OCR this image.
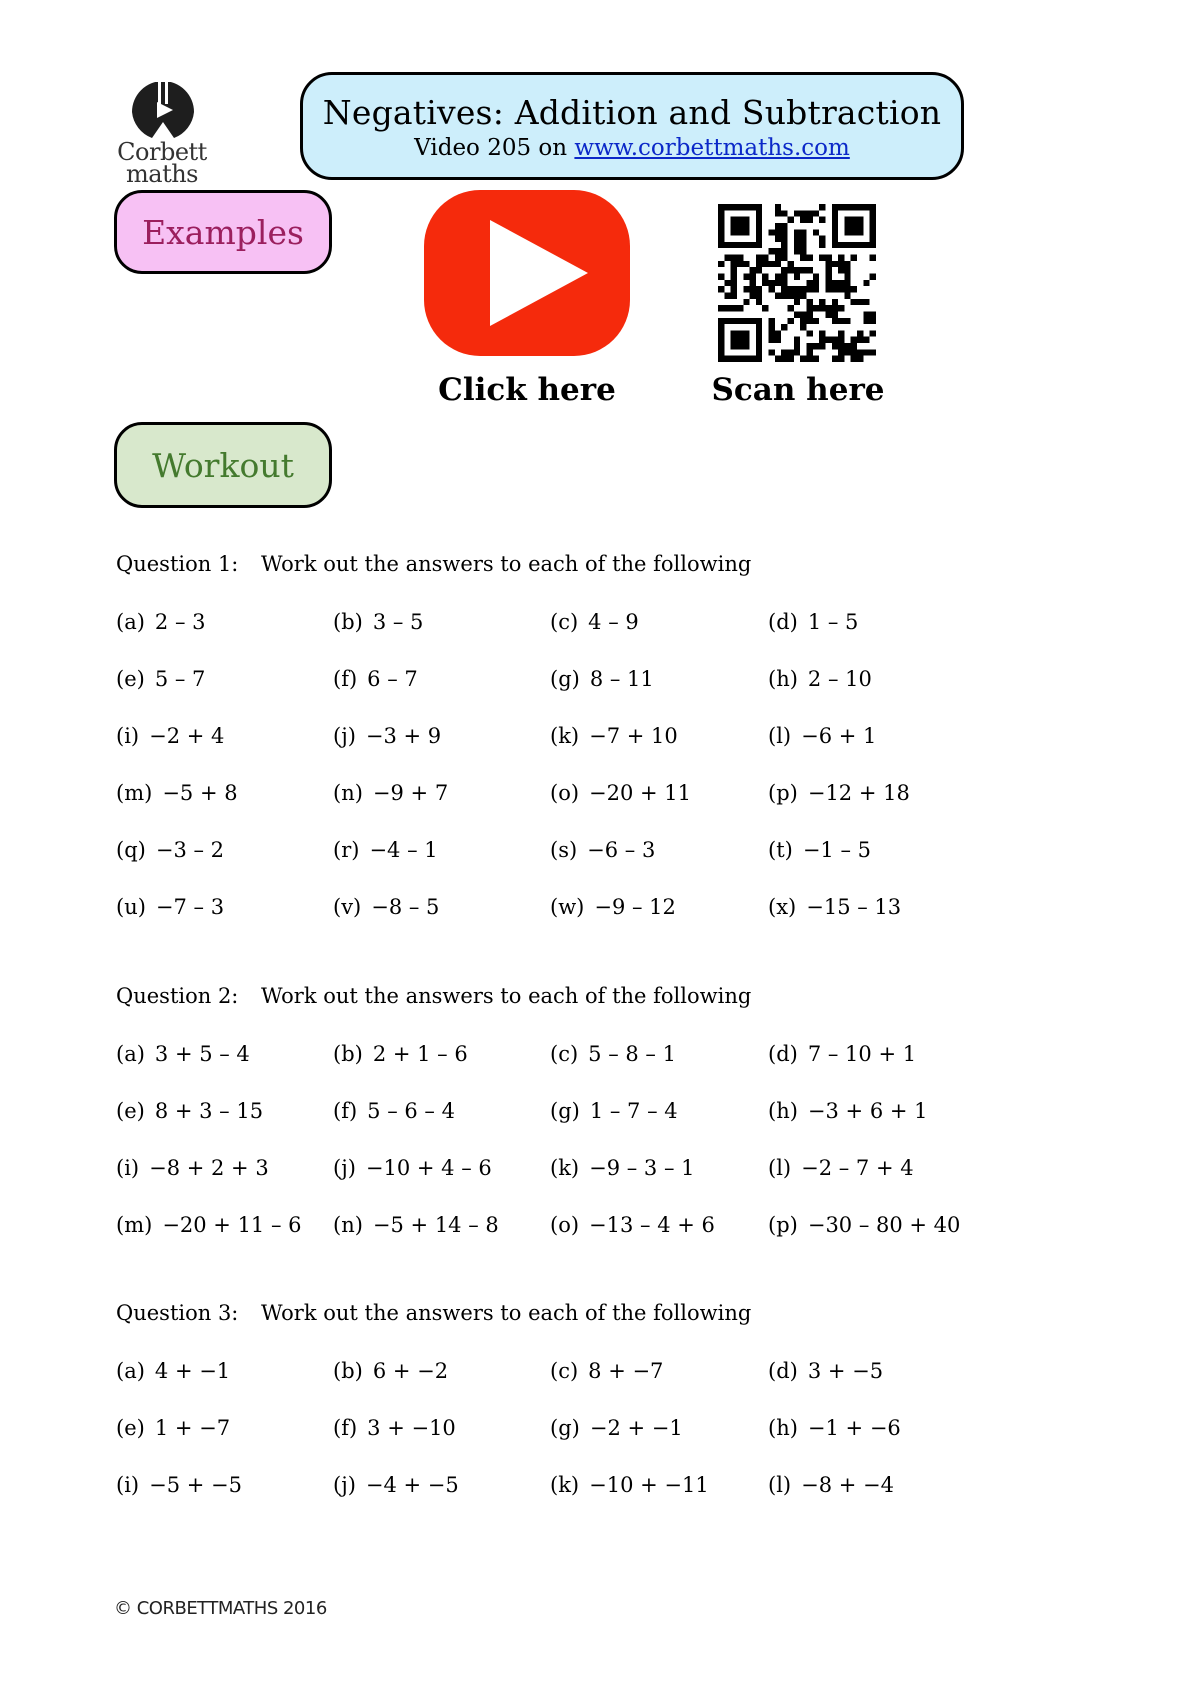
Corbett
maths
Negatives: Addition and Subtraction
Video 205 on www.corbettmaths.com
Examples
Workout
Click here	Scan here
Question 1: Work out the answers to each of the following
(a) 2 – 3	(b) 3 – 5	(c) 4 – 9	(d) 1 – 5
(e) 5 – 7	(f) 6 – 7	(g) 8 – 11	(h) 2 – 10
(i) −2 + 4	(j) −3 + 9	(k) −7 + 10	(l) −6 + 1
(m) −5 + 8	(n) −9 + 7	(o) −20 + 11	(p) −12 + 18
(q) −3 – 2	(r) −4 – 1	(s) −6 – 3	(t) −1 – 5
(u) −7 – 3	(v) −8 – 5	(w) −9 – 12	(x) −15 – 13
Question 2: Work out the answers to each of the following
(a) 3 + 5 – 4	(b) 2 + 1 – 6	(c) 5 – 8 – 1	(d) 7 – 10 + 1
(e) 8 + 3 – 15	(f) 5 – 6 – 4	(g) 1 – 7 – 4	(h) −3 + 6 + 1
(i) −8 + 2 + 3	(j) −10 + 4 – 6	(k) −9 – 3 – 1	(l) −2 – 7 + 4
(m) −20 + 11 – 6 (n) −5 + 14 – 8 (o) −13 – 4 + 6	(p) −30 – 80 + 40
Question 3: Work out the answers to each of the following
(a) 4 + −1	(b) 6 + −2	(c) 8 + −7	(d) 3 + −5
(e) 1 + −7	(f) 3 + −10	(g) −2 + −1	(h) −1 + −6
(i) −5 + −5	(j) −4 + −5	(k) −10 + −11	(l) −8 + −4
© CORBETTMATHS 2016
